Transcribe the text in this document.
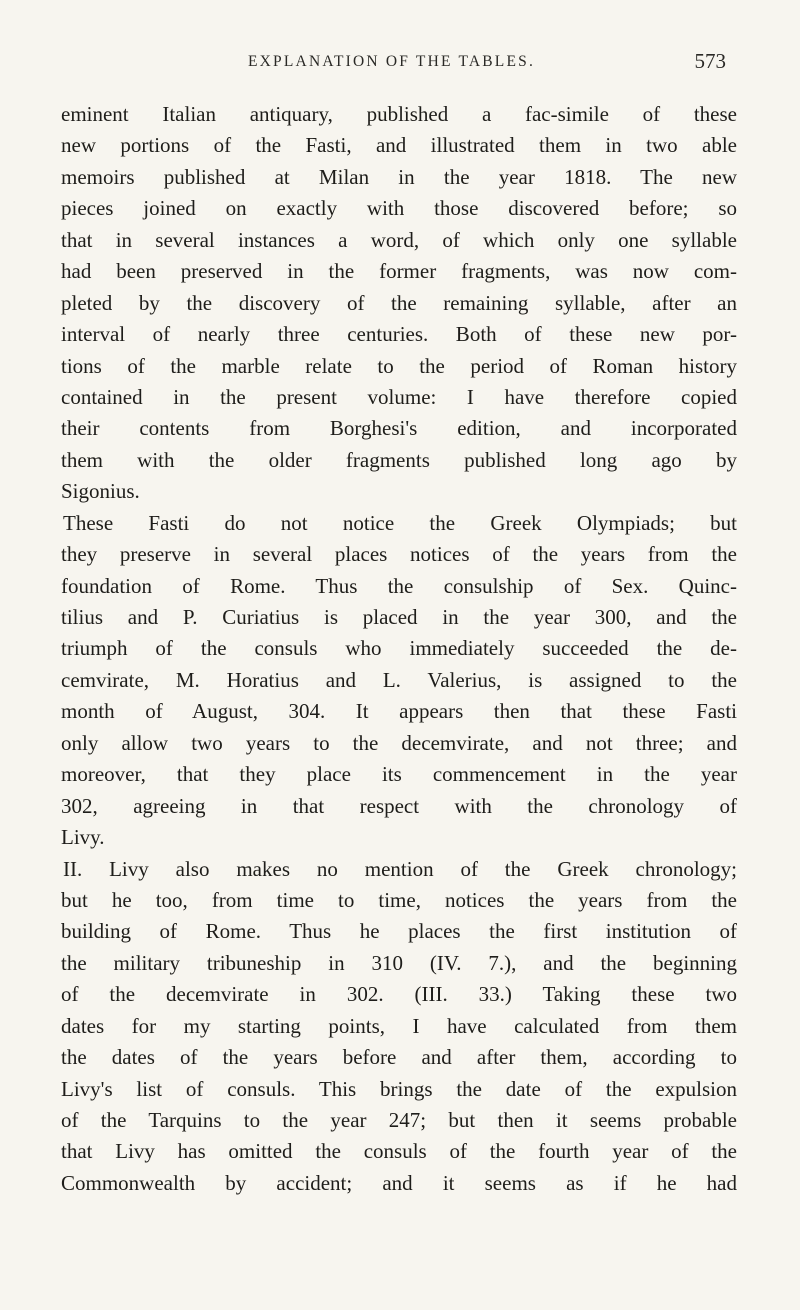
EXPLANATION OF THE TABLES.	573
eminent Italian antiquary, published a fac-simile of these
new portions of the Fasti, and illustrated them in two able
memoirs published at Milan in the year 1818. The new
pieces joined on exactly with those discovered before; so
that in several instances a word, of which only one syllable
had been preserved in the former fragments, was now com-
pleted by the discovery of the remaining syllable, after an
interval of nearly three centuries. Both of these new por-
tions of the marble relate to the period of Roman history
contained in the present volume: I have therefore copied
their contents from Borghesi's edition, and incorporated
them with the older fragments published long ago by
Sigonius.
These Fasti do not notice the Greek Olympiads; but
they preserve in several places notices of the years from the
foundation of Rome. Thus the consulship of Sex. Quinc-
tilius and P. Curiatius is placed in the year 300, and the
triumph of the consuls who immediately succeeded the de-
cemvirate, M. Horatius and L. Valerius, is assigned to the
month of August, 304. It appears then that these Fasti
only allow two years to the decemvirate, and not three; and
moreover, that they place its commencement in the year
302, agreeing in that respect with the chronology of
Livy.
II. Livy also makes no mention of the Greek chronology;
but he too, from time to time, notices the years from the
building of Rome. Thus he places the first institution of
the military tribuneship in 310 (IV. 7.), and the beginning
of the decemvirate in 302. (III. 33.) Taking these two
dates for my starting points, I have calculated from them
the dates of the years before and after them, according to
Livy's list of consuls. This brings the date of the expulsion
of the Tarquins to the year 247; but then it seems probable
that Livy has omitted the consuls of the fourth year of the
Commonwealth by accident; and it seems as if he had
